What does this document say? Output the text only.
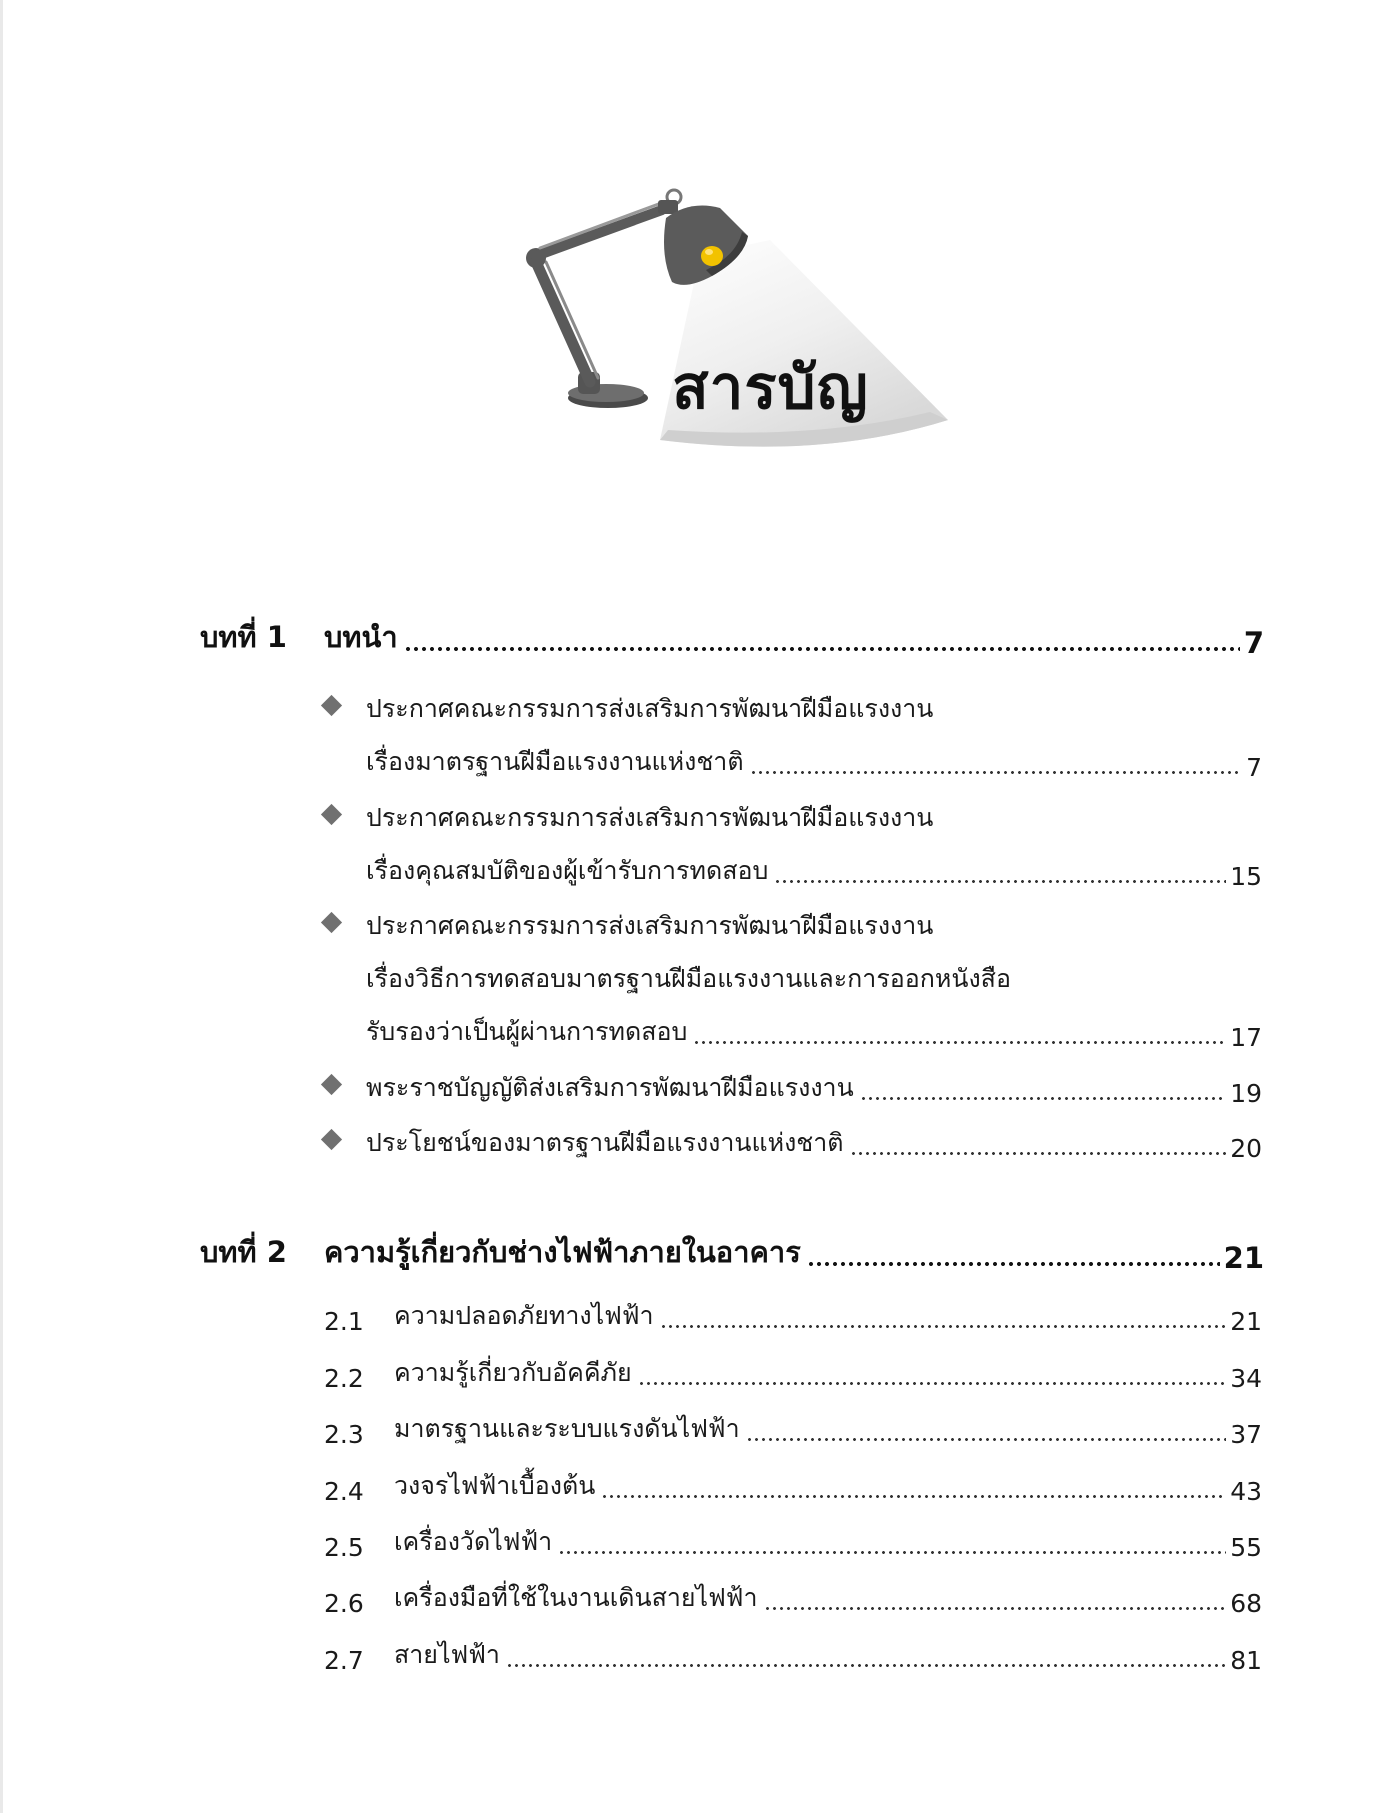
สารบัญ
บทที่ 1	บทนำ	7
ประกาศคณะกรรมการส่งเสริมการพัฒนาฝีมือแรงงาน
เรื่องมาตรฐานฝีมือแรงงานแห่งชาติ	7
ประกาศคณะกรรมการส่งเสริมการพัฒนาฝีมือแรงงาน
เรื่องคุณสมบัติของผู้เข้ารับการทดสอบ	15
ประกาศคณะกรรมการส่งเสริมการพัฒนาฝีมือแรงงาน
เรื่องวิธีการทดสอบมาตรฐานฝีมือแรงงานและการออกหนังสือ
รับรองว่าเป็นผู้ผ่านการทดสอบ	17
พระราชบัญญัติส่งเสริมการพัฒนาฝีมือแรงงาน	19
ประโยชน์ของมาตรฐานฝีมือแรงงานแห่งชาติ	20
บทที่ 2	ความรู้เกี่ยวกับช่างไฟฟ้าภายในอาคาร	21
2.1	ความปลอดภัยทางไฟฟ้า	21
2.2	ความรู้เกี่ยวกับอัคคีภัย	34
2.3	มาตรฐานและระบบแรงดันไฟฟ้า	37
2.4	วงจรไฟฟ้าเบื้องต้น	43
2.5	เครื่องวัดไฟฟ้า	55
2.6	เครื่องมือที่ใช้ในงานเดินสายไฟฟ้า	68
2.7	สายไฟฟ้า	81
